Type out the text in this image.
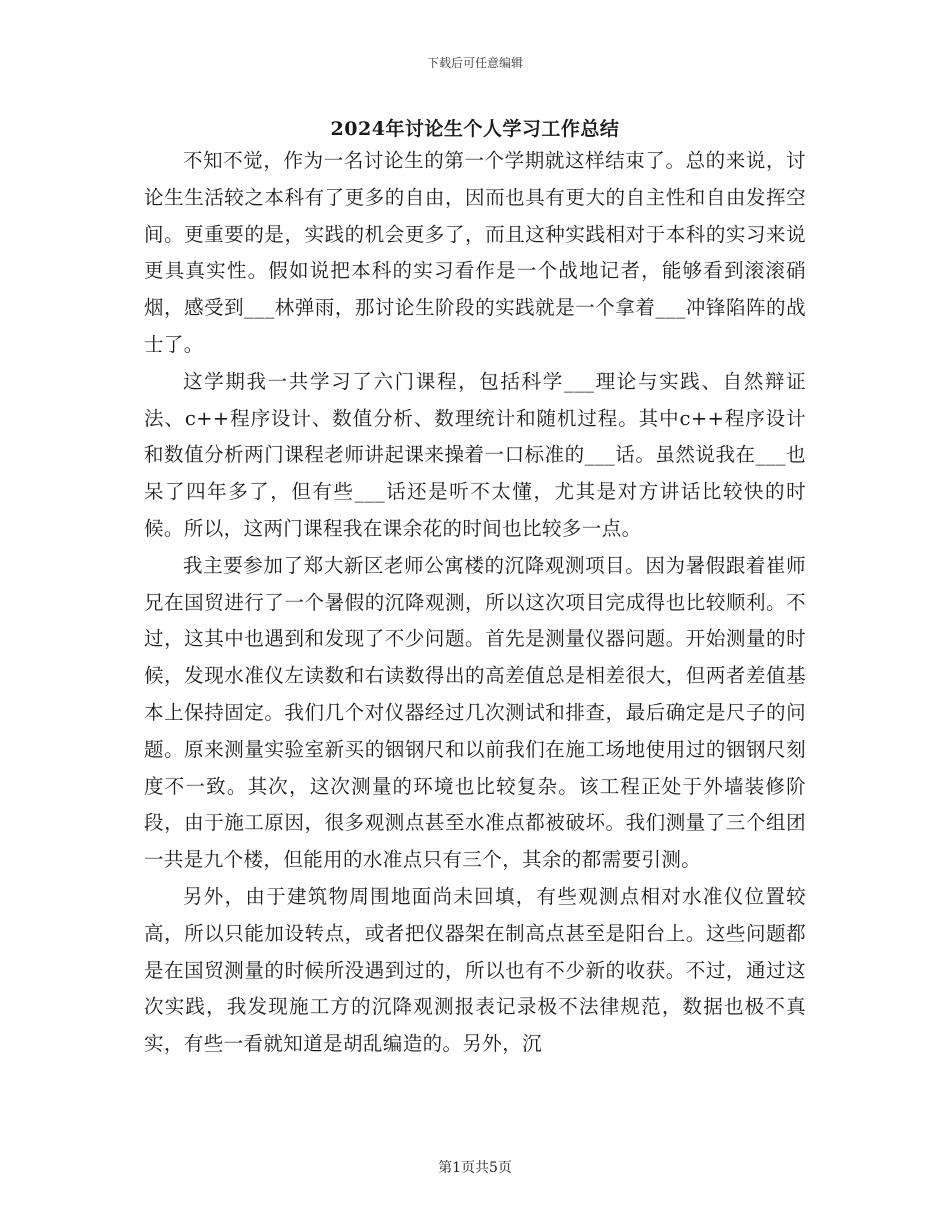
下载后可任意编辑
2024年讨论生个人学习工作总结

不知不觉，作为一名讨论生的第一个学期就这样结束了。总的来说，讨论生生活较之本科有了更多的自由，因而也具有更大的自主性和自由发挥空间。更重要的是，实践的机会更多了，而且这种实践相对于本科的实习来说更具真实性。假如说把本科的实习看作是一个战地记者，能够看到滚滚硝烟，感受到___林弹雨，那讨论生阶段的实践就是一个拿着___冲锋陷阵的战士了。

这学期我一共学习了六门课程，包括科学___理论与实践、自然辩证法、c++程序设计、数值分析、数理统计和随机过程。其中c++程序设计和数值分析两门课程老师讲起课来操着一口标准的___话。虽然说我在___也呆了四年多了，但有些___话还是听不太懂，尤其是对方讲话比较快的时候。所以，这两门课程我在课余花的时间也比较多一点。

我主要参加了郑大新区老师公寓楼的沉降观测项目。因为暑假跟着崔师兄在国贸进行了一个暑假的沉降观测，所以这次项目完成得也比较顺利。不过，这其中也遇到和发现了不少问题。首先是测量仪器问题。开始测量的时候，发现水准仪左读数和右读数得出的高差值总是相差很大，但两者差值基本上保持固定。我们几个对仪器经过几次测试和排查，最后确定是尺子的问题。原来测量实验室新买的铟钢尺和以前我们在施工场地使用过的铟钢尺刻度不一致。其次，这次测量的环境也比较复杂。该工程正处于外墙装修阶段，由于施工原因，很多观测点甚至水准点都被破坏。我们测量了三个组团一共是九个楼，但能用的水准点只有三个，其余的都需要引测。

另外，由于建筑物周围地面尚未回填，有些观测点相对水准仪位置较高，所以只能加设转点，或者把仪器架在制高点甚至是阳台上。这些问题都是在国贸测量的时候所没遇到过的，所以也有不少新的收获。不过，通过这次实践，我发现施工方的沉降观测报表记录极不法律规范，数据也极不真实，有些一看就知道是胡乱编造的。另外，沉

第1页共5页
